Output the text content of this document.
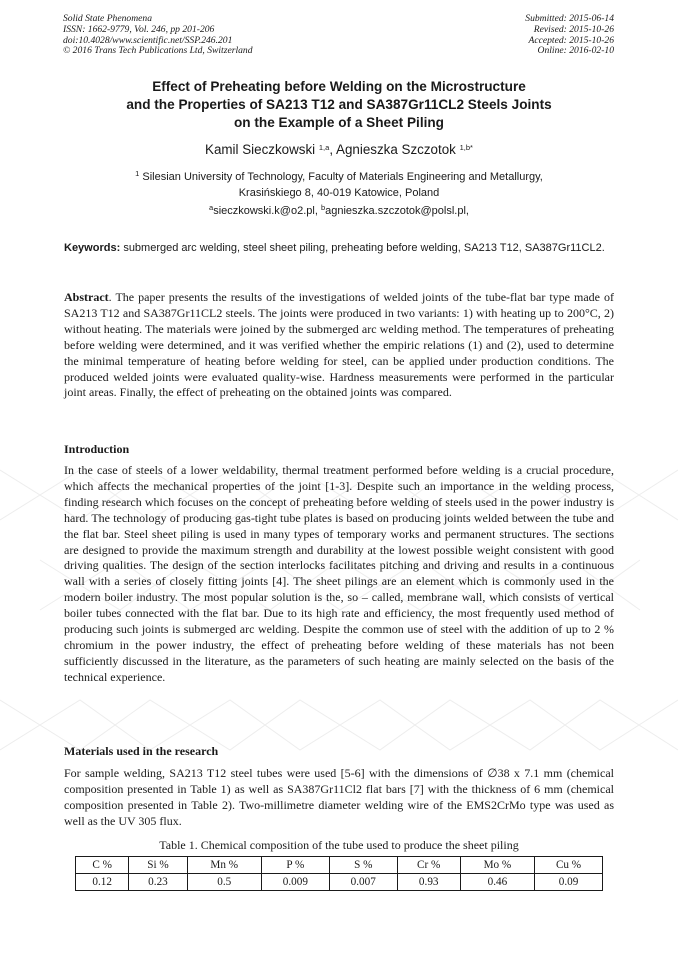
Solid State Phenomena
ISSN: 1662-9779, Vol. 246, pp 201-206
doi:10.4028/www.scientific.net/SSP.246.201
© 2016 Trans Tech Publications Ltd, Switzerland
Submitted: 2015-06-14
Revised: 2015-10-26
Accepted: 2015-10-26
Online: 2016-02-10
Effect of Preheating before Welding on the Microstructure
and the Properties of SA213 T12 and SA387Gr11CL2 Steels Joints
on the Example of a Sheet Piling
Kamil Sieczkowski $^{1,a}$, Agnieszka Szczotok $^{1,b*}$
$^1$ Silesian University of Technology, Faculty of Materials Engineering and Metallurgy,
Krasińskiego 8, 40-019 Katowice, Poland
$^a$sieczkowski.k@o2.pl, $^b$agnieszka.szczotok@polsl.pl,
Keywords: submerged arc welding, steel sheet piling, preheating before welding, SA213 T12, SA387Gr11CL2.
Abstract. The paper presents the results of the investigations of welded joints of the tube-flat bar type made of SA213 T12 and SA387Gr11CL2 steels. The joints were produced in two variants: 1) with heating up to 200°C, 2) without heating. The materials were joined by the submerged arc welding method. The temperatures of preheating before welding were determined, and it was verified whether the empiric relations (1) and (2), used to determine the minimal temperature of heating before welding for steel, can be applied under production conditions. The produced welded joints were evaluated quality-wise. Hardness measurements were performed in the particular joint areas. Finally, the effect of preheating on the obtained joints was compared.
Introduction
In the case of steels of a lower weldability, thermal treatment performed before welding is a crucial procedure, which affects the mechanical properties of the joint [1-3]. Despite such an importance in the welding process, finding research which focuses on the concept of preheating before welding of steels used in the power industry is hard. The technology of producing gas-tight tube plates is based on producing joints welded between the tube and the flat bar. Steel sheet piling is used in many types of temporary works and permanent structures. The sections are designed to provide the maximum strength and durability at the lowest possible weight consistent with good driving qualities. The design of the section interlocks facilitates pitching and driving and results in a continuous wall with a series of closely fitting joints [4]. The sheet pilings are an element which is commonly used in the modern boiler industry. The most popular solution is the, so – called, membrane wall, which consists of vertical boiler tubes connected with the flat bar. Due to its high rate and efficiency, the most frequently used method of producing such joints is submerged arc welding. Despite the common use of steel with the addition of up to 2 % chromium in the power industry, the effect of preheating before welding of these materials has not been sufficiently discussed in the literature, as the parameters of such heating are mainly selected on the basis of the technical experience.
Materials used in the research
For sample welding, SA213 T12 steel tubes were used [5-6] with the dimensions of ∅38 x 7.1 mm (chemical composition presented in Table 1) as well as SA387Gr11Cl2 flat bars [7] with the thickness of 6 mm (chemical composition presented in Table 2). Two-millimetre diameter welding wire of the EMS2CrMo type was used as well as the UV 305 flux.
Table 1. Chemical composition of the tube used to produce the sheet piling
C %	Si %	Mn %	P %	S %	Cr %	Mo %	Cu %
0.12	0.23	0.5	0.009	0.007	0.93	0.46	0.09
